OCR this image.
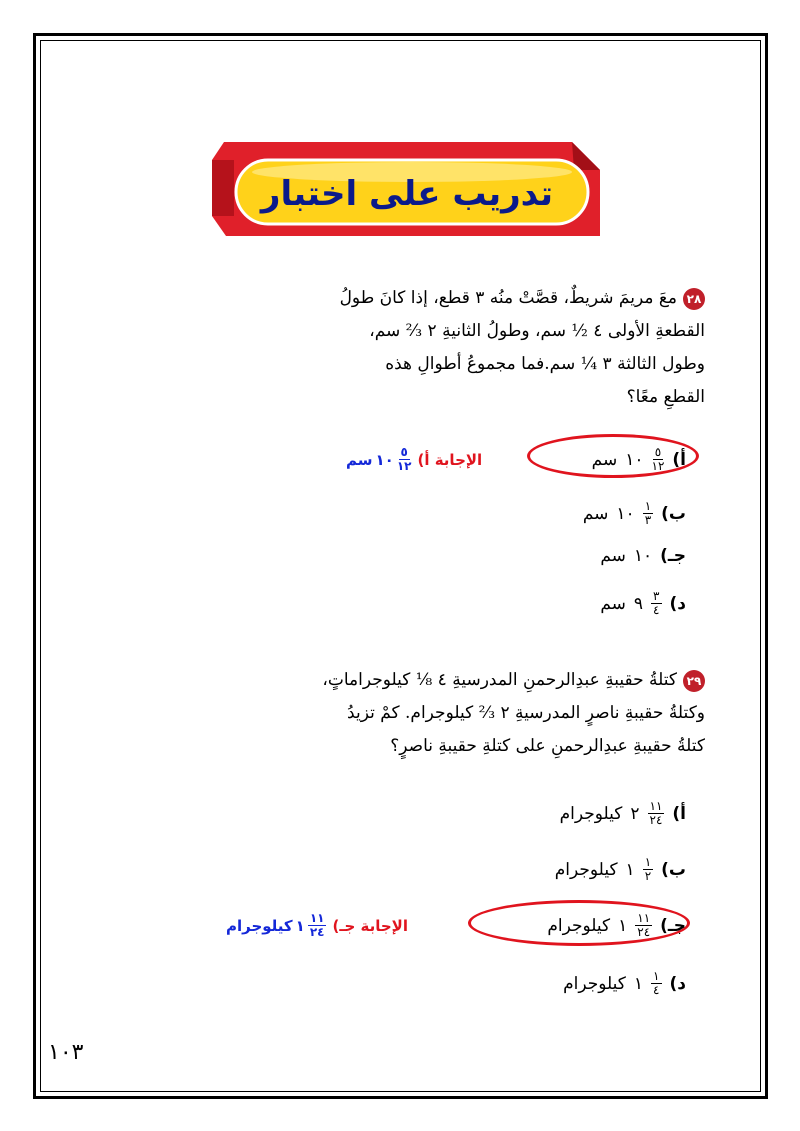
تدريب على اختبار
٢٨معَ مريمَ شريطٌ، قصَّتْ منُه ٣ قطع، إذا كانَ طولُ
القطعةِ الأولى ٤ ½ سم، وطولُ الثانيةِ ٢ ⅔ سم،
وطول الثالثة ٣ ¼ سم.فما مجموعُ أطوالِ هذه
القطعِ معًا؟
أ)
$\frac{٥}{١٢}$
١٠
سم
الإجابة أ)
$\frac{٥}{١٢}$
١٠
سم
ب)
$\frac{١}{٣}$
١٠
سم
جـ)
١٠
سم
د)
$\frac{٣}{٤}$
٩
سم
٢٩كتلةُ حقيبةِ عبدِالرحمنِ المدرسيةِ ٤ ⅛ كيلوجراماتٍ،
وكتلةُ حقيبةِ ناصرٍ المدرسيةِ ٢ ⅔ كيلوجرام. كمْ تزيدُ
كتلةُ حقيبةِ عبدِالرحمنِ على كتلةِ حقيبةِ ناصرٍ؟
أ)
$\frac{١١}{٢٤}$
٢
كيلوجرام
ب)
$\frac{١}{٢}$
١
كيلوجرام
جـ)
$\frac{١١}{٢٤}$
١
كيلوجرام
الإجابة جـ)
$\frac{١١}{٢٤}$
١
كيلوجرام
د)
$\frac{١}{٤}$
١
كيلوجرام
١٠٣
